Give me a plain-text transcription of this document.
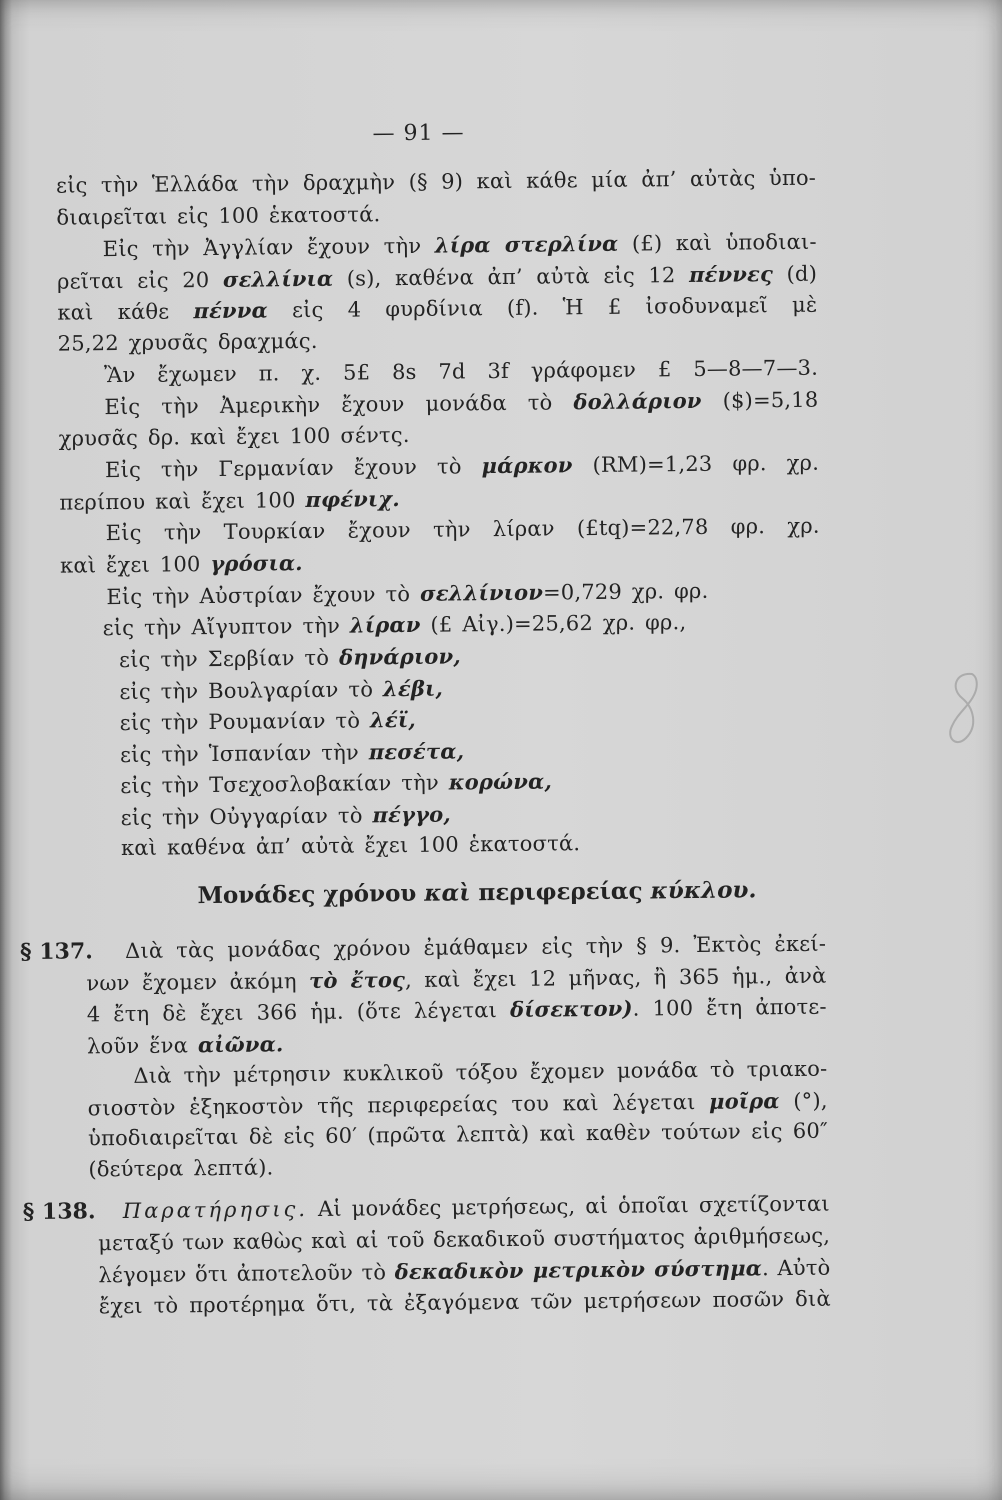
— 91 —
εἰς τὴν Ἑλλάδα τὴν δραχμὴν (§ 9) καὶ κάθε μία ἀπ’ αὐτὰς ὑπο-
διαιρεῖται εἰς 100 ἑκατοστά.
Εἰς τὴν Ἀγγλίαν ἔχουν τὴν λίρα στερλίνα (£) καὶ ὑποδιαι-
ρεῖται εἰς 20 σελλίνια (s), καθένα ἀπ’ αὐτὰ εἰς 12 πέννες (d)
καὶ κάθε πέννα εἰς 4 φυρδίνια (f). Ἡ £ ἰσοδυναμεῖ μὲ
25,22 χρυσᾶς δραχμάς.
Ἂν ἔχωμεν π. χ. 5£ 8s 7d 3f γράφομεν £ 5—8—7—3.
Εἰς τὴν Ἀμερικὴν ἔχουν μονάδα τὸ δολλάριον ($)=5,18
χρυσᾶς δρ. καὶ ἔχει 100 σέντς.
Εἰς τὴν Γερμανίαν ἔχουν τὸ μάρκον (RM)=1,23 φρ. χρ.
περίπου καὶ ἔχει 100 πφένιχ.
Εἰς τὴν Τουρκίαν ἔχουν τὴν λίραν (£tq)=22,78 φρ. χρ.
καὶ ἔχει 100 γρόσια.
Εἰς τὴν Αὐστρίαν ἔχουν τὸ σελλίνιον=0,729 χρ. φρ.
εἰς τὴν Αἴγυπτον τὴν λίραν (£ Αἰγ.)=25,62 χρ. φρ.,
εἰς τὴν Σερβίαν τὸ δηνάριον,
εἰς τὴν Βουλγαρίαν τὸ λέβι,
εἰς τὴν Ρουμανίαν τὸ λέϊ,
εἰς τὴν Ἱσπανίαν τὴν πεσέτα,
εἰς τὴν Τσεχοσλοβακίαν τὴν κορώνα,
εἰς τὴν Οὐγγαρίαν τὸ πέγγο,
καὶ καθένα ἀπ’ αὐτὰ ἔχει 100 ἑκατοστά.
Μονάδες χρόνου καὶ περιφερείας κύκλου.
§ 137.	Διὰ τὰς μονάδας χρόνου ἐμάθαμεν εἰς τὴν § 9. Ἐκτὸς ἐκεί-
νων ἔχομεν ἀκόμη τὸ ἔτος, καὶ ἔχει 12 μῆνας, ἢ 365 ἡμ., ἀνὰ
4 ἔτη δὲ ἔχει 366 ἡμ. (ὅτε λέγεται δίσεκτον). 100 ἔτη ἀποτε-
λοῦν ἕνα αἰῶνα.
Διὰ τὴν μέτρησιν κυκλικοῦ τόξου ἔχομεν μονάδα τὸ τριακο-
σιοστὸν ἑξηκοστὸν τῆς περιφερείας του καὶ λέγεται μοῖρα (°),
ὑποδιαιρεῖται δὲ εἰς 60′ (πρῶτα λεπτὰ) καὶ καθὲν τούτων εἰς 60″
(δεύτερα λεπτά).
§ 138.	Παρατήρησις. Αἱ μονάδες μετρήσεως, αἱ ὁποῖαι σχετίζονται
μεταξύ των καθὼς καὶ αἱ τοῦ δεκαδικοῦ συστήματος ἀριθμήσεως,
λέγομεν ὅτι ἀποτελοῦν τὸ δεκαδικὸν μετρικὸν σύστημα. Αὐτὸ
ἔχει τὸ προτέρημα ὅτι, τὰ ἐξαγόμενα τῶν μετρήσεων ποσῶν διὰ
